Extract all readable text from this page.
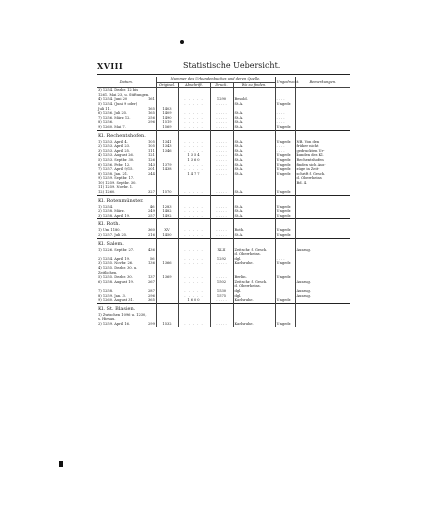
XVIII	Statistische Uebersicht.
Datum.		Nummer des Urkundenbuches und deren Quelle.				Ungedruckt.	Bemerkungen.
		Original.	Abschrift.	Druck.	Wo zu finden.		
3) 1254. Dezbr. 12 bis							
1261. Mai 23, u. Stiftungen.							
4) 1254. Juni 20	161		. . . . .	1290	Besold.	. . . .	
5) 1254. (Juni 9 oder)			. . . . .	. . . . .	St.A.	Ungedr.	
Juli 11.	165	1403					
6) 1256. Juli 25.	165	1409	. . . . .	. . . . .	St.A.	. . . .	
7) 1256. März 12.	256	1490	. . . . .	. . . . .	St.A.	. . . .	
8) 1256.	296	1519	. . . . .	. . . . .	St.A.	. . . .	
9) 1260. Mai 7.		1569	. . . . .	. . . . .	St.A.	Ungedr.	
Kl. Rechentshofen.							
1) 1253. April 4.	105	1341	. . . . .	. . . . .	St.A.	Ungedr.	NB. Von den
2) 1253. April 23.	105	1343	. . . . .	. . . . .	St.A.	. . . .	früher nicht
3) 1253. April 25.	111	1346	. . . . .	. . . . .	St.A.	. . . .	gedruckten Ur-
4) 1253. August 26.	121		1354	. . . . .	St.A.	Ungedr.	kunden des Kl.
5) 1253. Septbr. 30.	126		1360	. . . . .	St.A.	Ungedr.	Rechentshofen
6) 1256. Febr. 12.	143	1379	. . . . .	. . . . .	St.A.	Ungedr.	finden sich Aus-
7) 1257. April 9/15.	201	1438	. . . . .	. . . . .	St.A.	Ungedr.	züge in Zeit-
8) 1258. Jan. 21.	244		1477	. . . . .	St.A.	Ungedr.	schrift f. Gesch.
9) 1259. Septbr. 17.							d. Oberrheins
10) 1259. Septbr. 30.							Bd. 4.
11) 1259. Novbr. 1.							
12) 1260.	327	1570	. . . . .	. . . . .	St.A.	Ungedr.	
Kl. Rotenmünster.							
1) 1254.	46	1283	. . . . .	. . . . .	St.A.	Ungedr.	
2) 1258. März.	249	1482	. . . . .	. . . . .	St.A.	Ungedr.	
3) 1258. April 19.	257	1492	. . . . .	. . . . .	St.A.	Ungedr.	
Kl. Roth.							
1) Um 1180.	360	XV	. . . . .	. . . . .	Roth.	Ungedr.	
2) 1257. Juli 25.	216	1450	. . . . .	. . . . .	St.A.	Ungedr.	
Kl. Salem.							
1) 1226. Septbr. 27.	436		. . . . .	XLII	Zeitschr. f. Gesch.		Auszug.
					d. Oberrheins.		
2) 1254. April 19.	56		. . . . .	1292	dgl.	. . . .	
3) 1255. Novbr. 26.	136	1366	. . . . .	. . . . .	Karlsruhe.	Ungedr.	
4) 1255. Dezbr. 30. u.							
Zeitlichen.							
5) 1255. Dezbr. 30.	137	1369	. . . . .	. . . . .	Berlin.	Ungedr.	
6) 1258. August 19.	267		. . . . .	1502	Zeitschr. f. Gesch.		Auszug.
					d. Oberrheins.		
7) 1258.	287		. . . . .	1530	dgl.		Auszug.
8) 1259. Jan. 3.	296		. . . . .	1575	dgl.		Auszug.
9) 1260. August 31.	365		1600	. . . . .	Karlsruhe.	Ungedr.	
Kl. St. Blasien.							
1) Zwischen 1096 u. 1230,							
s. Hirsau.							
2) 1259. April 16.	299	1532	. . . . .	. . . . .	Karlsruhe.	Ungedr.	
